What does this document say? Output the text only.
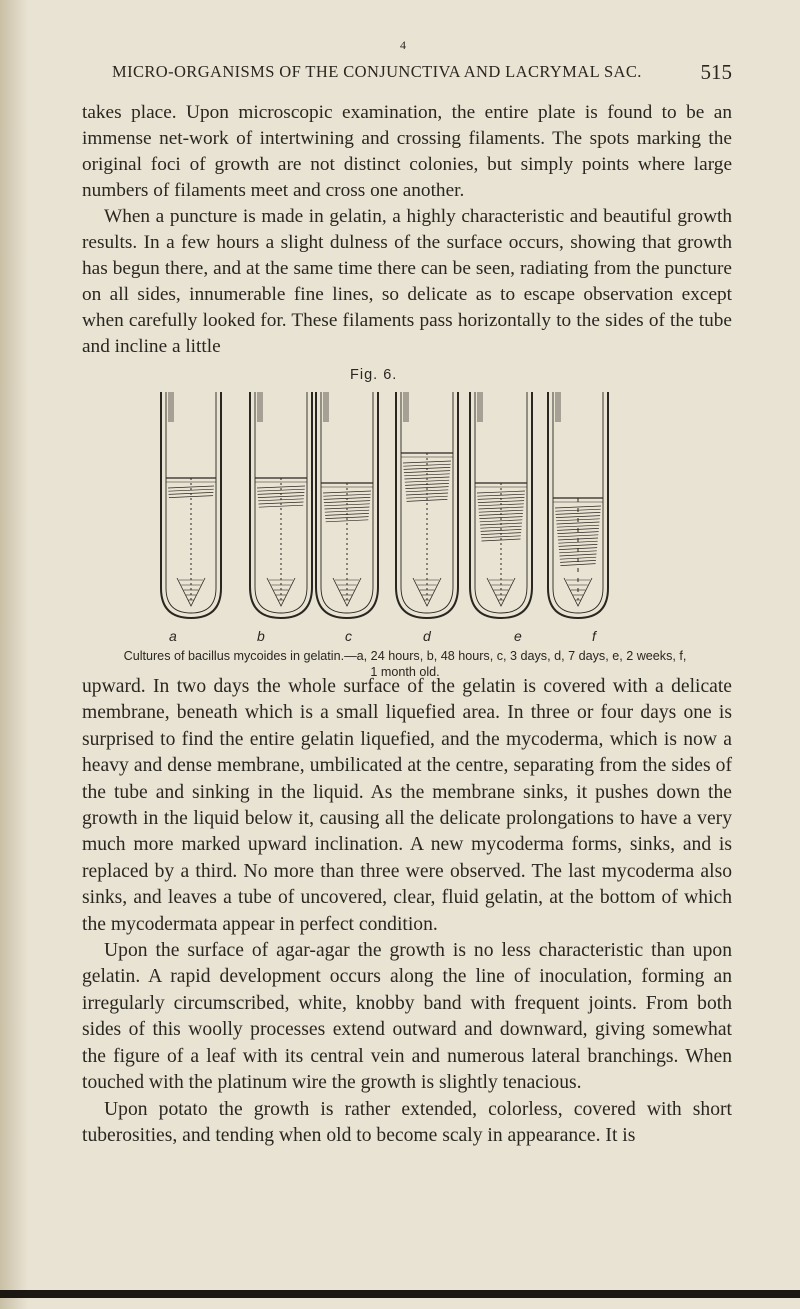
4
MICRO-ORGANISMS OF THE CONJUNCTIVA AND LACRYMAL SAC.	515

takes place. Upon microscopic examination, the entire plate is found to be an immense net-work of intertwining and crossing filaments. The spots marking the original foci of growth are not distinct colonies, but simply points where large numbers of filaments meet and cross one another.

When a puncture is made in gelatin, a highly characteristic and beautiful growth results. In a few hours a slight dulness of the surface occurs, showing that growth has begun there, and at the same time there can be seen, radiating from the puncture on all sides, innumerable fine lines, so delicate as to escape observation except when carefully looked for. These filaments pass horizontally to the sides of the tube and incline a little

Fig. 6.
a	b	c	d	e	f
Cultures of bacillus mycoides in gelatin.—a, 24 hours, b, 48 hours, c, 3 days, d, 7 days, e, 2 weeks, f, 1 month old.

upward. In two days the whole surface of the gelatin is covered with a delicate membrane, beneath which is a small liquefied area. In three or four days one is surprised to find the entire gelatin liquefied, and the mycoderma, which is now a heavy and dense membrane, umbilicated at the centre, separating from the sides of the tube and sinking in the liquid. As the membrane sinks, it pushes down the growth in the liquid below it, causing all the delicate prolongations to have a very much more marked upward inclination. A new mycoderma forms, sinks, and is replaced by a third. No more than three were observed. The last mycoderma also sinks, and leaves a tube of uncovered, clear, fluid gelatin, at the bottom of which the mycodermata appear in perfect condition.

Upon the surface of agar-agar the growth is no less characteristic than upon gelatin. A rapid development occurs along the line of inoculation, forming an irregularly circumscribed, white, knobby band with frequent joints. From both sides of this woolly processes extend outward and downward, giving somewhat the figure of a leaf with its central vein and numerous lateral branchings. When touched with the platinum wire the growth is slightly tenacious.

Upon potato the growth is rather extended, colorless, covered with short tuberosities, and tending when old to become scaly in appearance. It is
